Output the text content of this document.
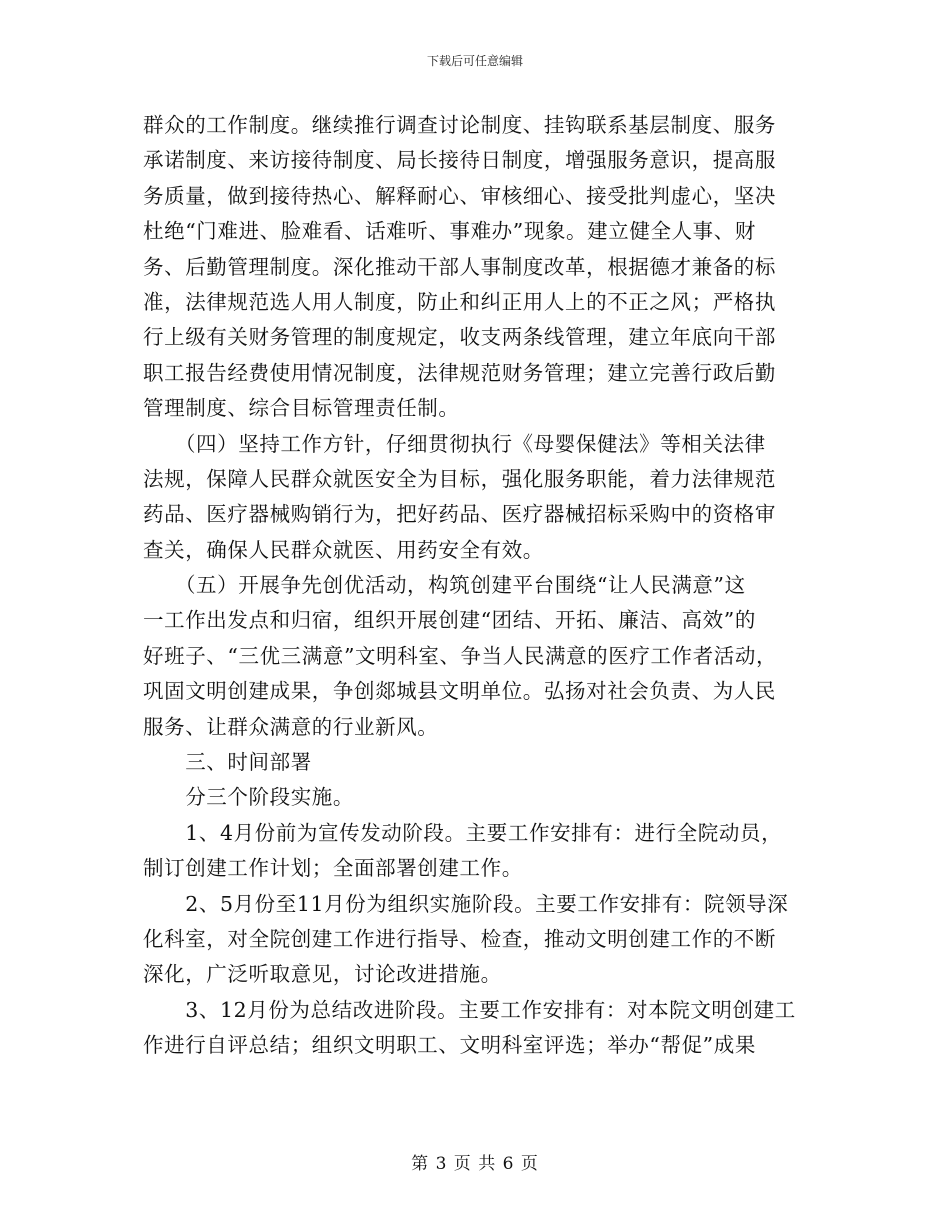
下载后可任意编辑

群众的工作制度。继续推行调查讨论制度、挂钩联系基层制度、服务
承诺制度、来访接待制度、局长接待日制度，增强服务意识，提高服
务质量，做到接待热心、解释耐心、审核细心、接受批判虚心，坚决
杜绝“门难进、脸难看、话难听、事难办”现象。建立健全人事、财
务、后勤管理制度。深化推动干部人事制度改革，根据德才兼备的标
准，法律规范选人用人制度，防止和纠正用人上的不正之风；严格执
行上级有关财务管理的制度规定，收支两条线管理，建立年底向干部
职工报告经费使用情况制度，法律规范财务管理；建立完善行政后勤
管理制度、综合目标管理责任制。

　　（四）坚持工作方针，仔细贯彻执行《母婴保健法》等相关法律
法规，保障人民群众就医安全为目标，强化服务职能，着力法律规范
药品、医疗器械购销行为，把好药品、医疗器械招标采购中的资格审
查关，确保人民群众就医、用药安全有效。

　　（五）开展争先创优活动，构筑创建平台围绕“让人民满意”这
一工作出发点和归宿，组织开展创建“团结、开拓、廉洁、高效”的
好班子、“三优三满意”文明科室、争当人民满意的医疗工作者活动，
巩固文明创建成果，争创郯城县文明单位。弘扬对社会负责、为人民
服务、让群众满意的行业新风。

　　三、时间部署

　　分三个阶段实施。

　　1、4月份前为宣传发动阶段。主要工作安排有：进行全院动员，
制订创建工作计划；全面部署创建工作。

　　2、5月份至11月份为组织实施阶段。主要工作安排有：院领导深
化科室，对全院创建工作进行指导、检查，推动文明创建工作的不断
深化，广泛听取意见，讨论改进措施。

　　3、12月份为总结改进阶段。主要工作安排有：对本院文明创建工
作进行自评总结；组织文明职工、文明科室评选；举办“帮促”成果

第 3 页 共 6 页
